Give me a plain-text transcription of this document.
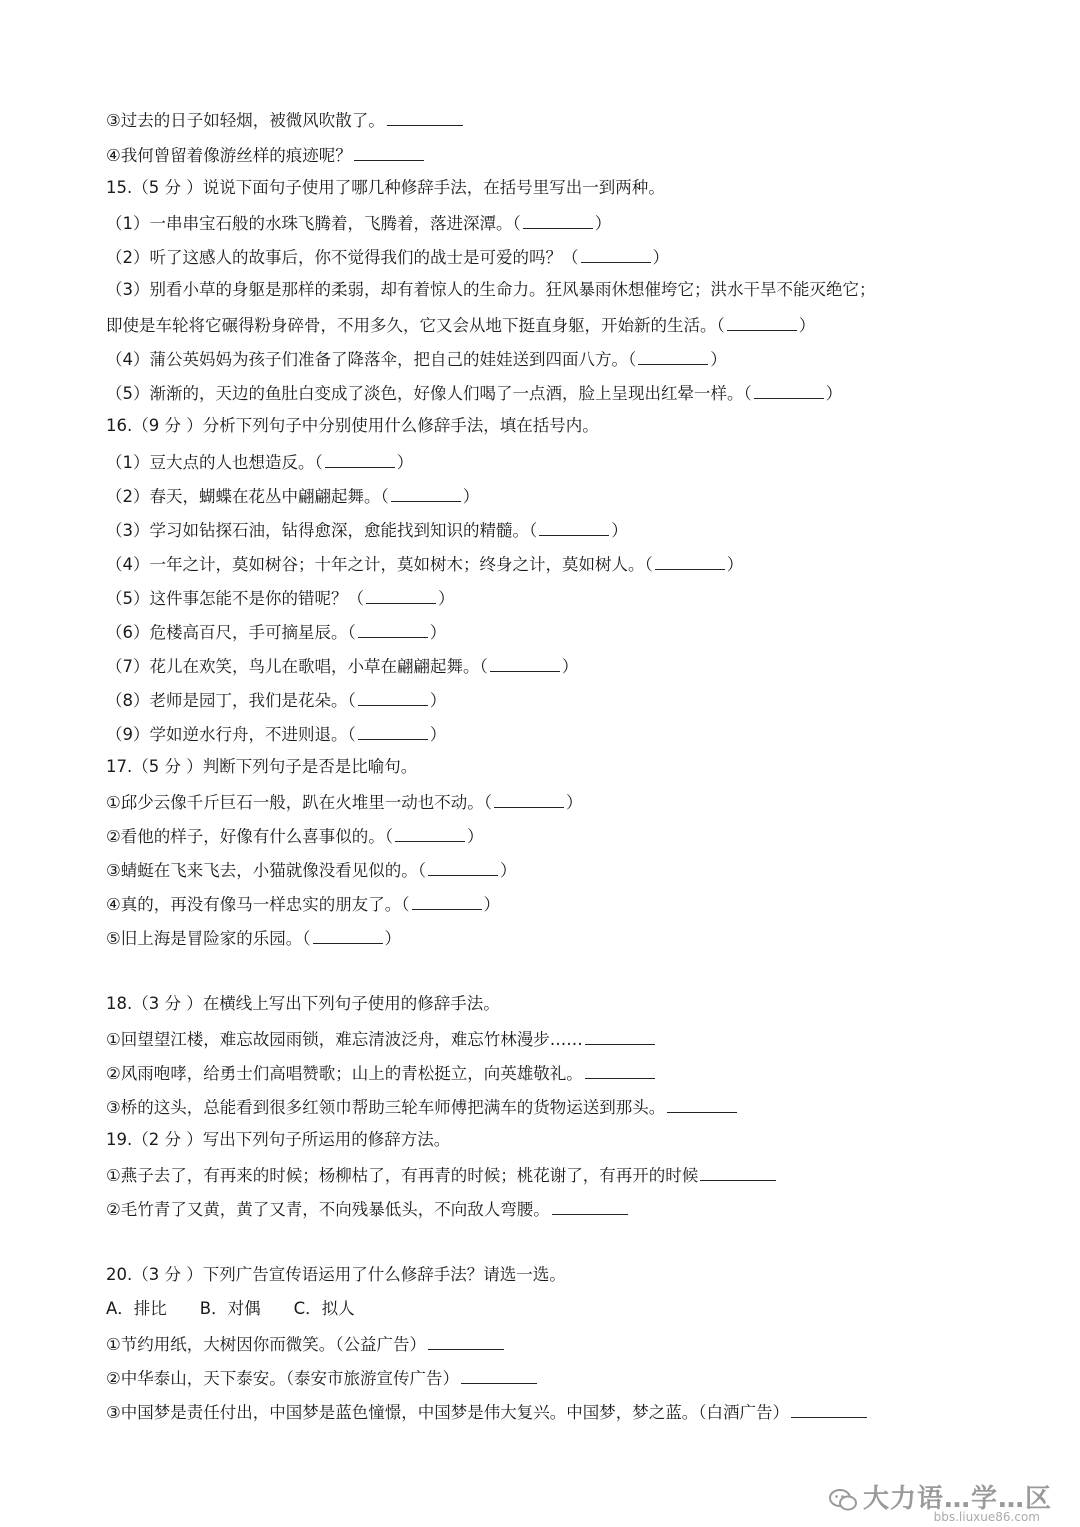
③过去的日子如轻烟，被微风吹散了。
④我何曾留着像游丝样的痕迹呢？
15.（5 分 ）说说下面句子使用了哪几种修辞手法，在括号里写出一到两种。
（1）一串串宝石般的水珠飞腾着，飞腾着，落进深潭。（	）
（2）听了这感人的故事后，你不觉得我们的战士是可爱的吗？（	）
（3）别看小草的身躯是那样的柔弱，却有着惊人的生命力。狂风暴雨休想催垮它；洪水干旱不能灭绝它；
即使是车轮将它碾得粉身碎骨，不用多久，它又会从地下挺直身躯，开始新的生活。（	）
（4）蒲公英妈妈为孩子们准备了降落伞，把自己的娃娃送到四面八方。（	）
（5）渐渐的，天边的鱼肚白变成了淡色，好像人们喝了一点酒，脸上呈现出红晕一样。（	）
16.（9 分 ）分析下列句子中分别使用什么修辞手法，填在括号内。
（1）豆大点的人也想造反。（	）
（2）春天，蝴蝶在花丛中翩翩起舞。（	）
（3）学习如钻探石油，钻得愈深，愈能找到知识的精髓。（	）
（4）一年之计，莫如树谷；十年之计，莫如树木；终身之计，莫如树人。（	）
（5）这件事怎能不是你的错呢？（	）
（6）危楼高百尺，手可摘星辰。（	）
（7）花儿在欢笑，鸟儿在歌唱，小草在翩翩起舞。（	）
（8）老师是园丁，我们是花朵。（	）
（9）学如逆水行舟，不进则退。（	）
17.（5 分 ）判断下列句子是否是比喻句。
①邱少云像千斤巨石一般，趴在火堆里一动也不动。（	）
②看他的样子，好像有什么喜事似的。（	）
③蜻蜓在飞来飞去，小猫就像没看见似的。（	）
④真的，再没有像马一样忠实的朋友了。（	）
⑤旧上海是冒险家的乐园。（	）
18.（3 分 ）在横线上写出下列句子使用的修辞手法。
①回望望江楼，难忘故园雨锁，难忘清波泛舟，难忘竹林漫步……
②风雨咆哮，给勇士们高唱赞歌；山上的青松挺立，向英雄敬礼。
③桥的这头，总能看到很多红领巾帮助三轮车师傅把满车的货物运送到那头。
19.（2 分 ）写出下列句子所运用的修辞方法。
①燕子去了，有再来的时候；杨柳枯了，有再青的时候；桃花谢了，有再开的时候
②毛竹青了又黄，黄了又青，不向残暴低头，不向敌人弯腰。
20.（3 分 ）下列广告宣传语运用了什么修辞手法？请选一选。
A．排比　　B．对偶　　C．拟人
①节约用纸，大树因你而微笑。（公益广告）
②中华泰山，天下泰安。（泰安市旅游宣传广告）
③中国梦是责任付出，中国梦是蓝色憧憬，中国梦是伟大复兴。中国梦，梦之蓝。（白酒广告）
大力语…学…区
bbs.liuxue86.com
